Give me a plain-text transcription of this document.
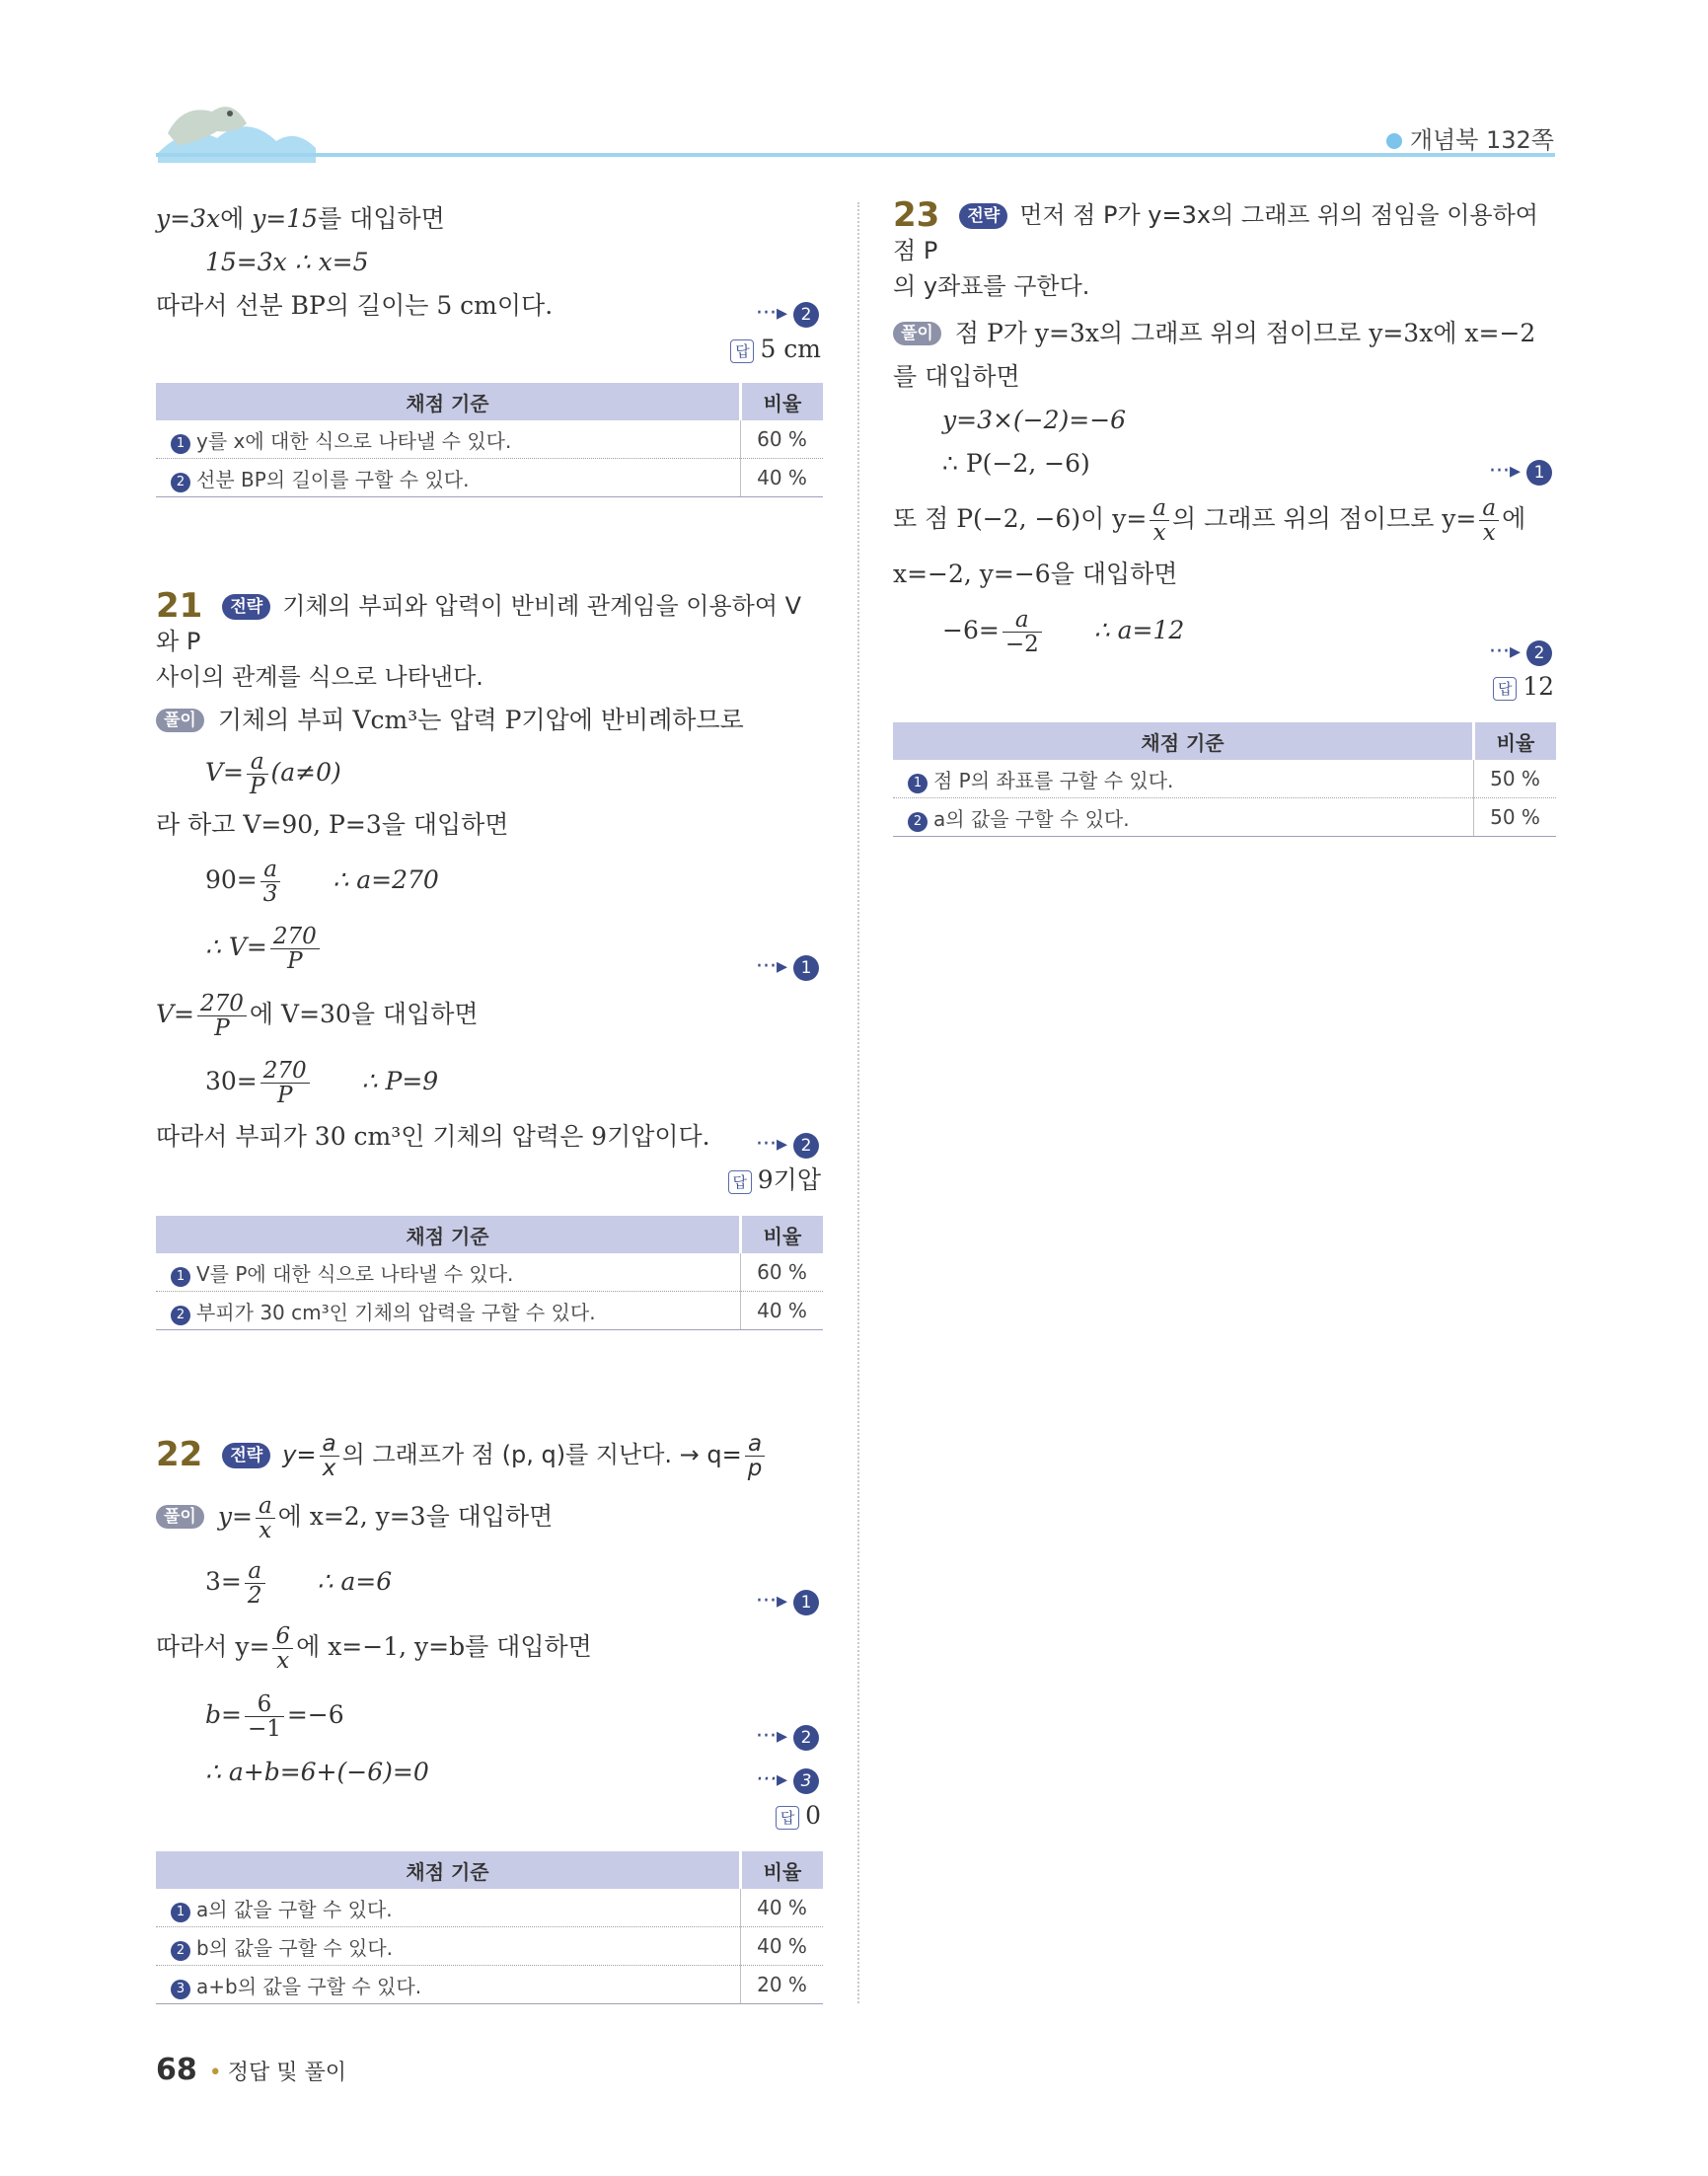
개념북 132쪽
y=3x에 y=15를 대입하면
15=3x ∴ x=5
따라서 선분 BP의 길이는 5 cm이다.	···▸ 2
답 5 cm
채점 기준	비율
1 y를 x에 대한 식으로 나타낼 수 있다.	60 %
2 선분 BP의 길이를 구할 수 있다.	40 %
21 전략 기체의 부피와 압력이 반비례 관계임을 이용하여 V와 P
사이의 관계를 식으로 나타낸다.
풀이 기체의 부피 Vcm³는 압력 P기압에 반비례하므로
$V= \frac{a}{P} (a\ne 0)$
라 하고 V=90, P=3을 대입하면
$90= \frac{a}{3}$ ∴ a=270
∴ $V= \frac{270}{P}$	···▸ 1
$V= \frac{270}{P}$ 에 V=30을 대입하면
$30= \frac{270}{P}$ ∴ P=9
따라서 부피가 30 cm³인 기체의 압력은 9기압이다. ···▸ 2
답 9기압
채점 기준	비율
1 V를 P에 대한 식으로 나타낼 수 있다.	60 %
2 부피가 30 cm³인 기체의 압력을 구할 수 있다.	40 %
22 전략 $y= \frac{a}{x}$ 의 그래프가 점 (p, q)를 지난다. → $q= \frac{a}{p}$
풀이 $y= \frac{a}{x}$ 에 x=2, y=3을 대입하면
$3= \frac{a}{2}$ ∴ a=6
···▸ 1
따라서 $y= \frac{6}{x}$ 에 x=−1, y=b를 대입하면
$b= \frac{6}{-1} =-6$
···▸ 2
∴ a+b=6+(−6)=0	···▸ 3
답 0
채점 기준	비율
1 a의 값을 구할 수 있다.	40 %
2 b의 값을 구할 수 있다.	40 %
3 a+b의 값을 구할 수 있다.	20 %
23 전략 먼저 점 P가 y=3x의 그래프 위의 점임을 이용하여 점 P
의 y좌표를 구한다.
풀이 점 P가 y=3x의 그래프 위의 점이므로 y=3x에 x=−2
를 대입하면
y=3×(−2)=−6
∴ P(−2, −6)	···▸ 1
또 점 P(−2, −6)이 $y= \frac{a}{x}$ 의 그래프 위의 점이므로 $y= \frac{a}{x}$ 에
x=−2, y=−6을 대입하면
$-6= \frac{a}{-2}$ ∴ a=12
···▸ 2
답 12
채점 기준	비율
1 점 P의 좌표를 구할 수 있다.	50 %
2 a의 값을 구할 수 있다.	50 %
68 • 정답 및 풀이
